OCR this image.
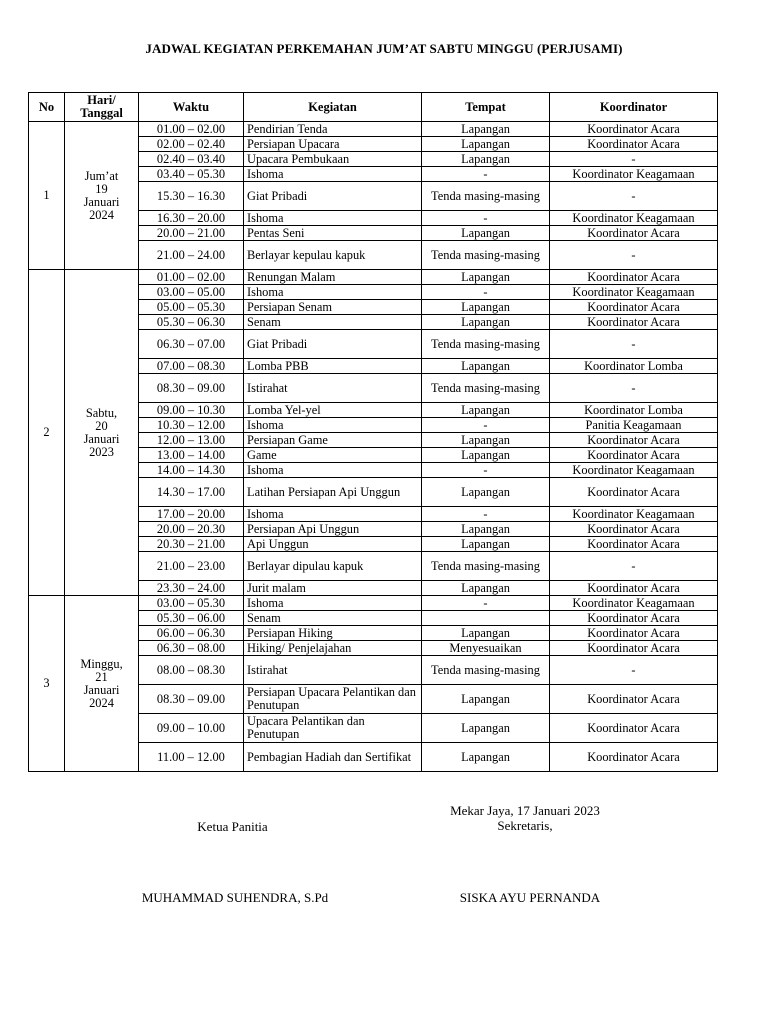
JADWAL KEGIATAN PERKEMAHAN JUM’AT SABTU MINGGU (PERJUSAMI)
No	Hari/ Tanggal	Waktu	Kegiatan	Tempat	Koordinator
1	Jum’at
19
Januari
2024	01.00 – 02.00	Pendirian Tenda	Lapangan	Koordinator Acara
		02.00 – 02.40	Persiapan Upacara	Lapangan	Koordinator Acara
		02.40 – 03.40	Upacara Pembukaan	Lapangan	-
		03.40 – 05.30	Ishoma	-	Koordinator Keagamaan
		15.30 – 16.30	Giat Pribadi	Tenda masing-masing	-
		16.30 – 20.00	Ishoma	-	Koordinator Keagamaan
		20.00 – 21.00	Pentas Seni	Lapangan	Koordinator Acara
		21.00 – 24.00	Berlayar kepulau kapuk	Tenda masing-masing	-
2	Sabtu,
20
Januari
2023	01.00 – 02.00	Renungan Malam	Lapangan	Koordinator Acara
		03.00 – 05.00	Ishoma	-	Koordinator Keagamaan
		05.00 – 05.30	Persiapan Senam	Lapangan	Koordinator Acara
		05.30 – 06.30	Senam	Lapangan	Koordinator Acara
		06.30 – 07.00	Giat Pribadi	Tenda masing-masing	-
		07.00 – 08.30	Lomba PBB	Lapangan	Koordinator Lomba
		08.30 – 09.00	Istirahat	Tenda masing-masing	-
		09.00 – 10.30	Lomba Yel-yel	Lapangan	Koordinator Lomba
		10.30 – 12.00	Ishoma	-	Panitia Keagamaan
		12.00 – 13.00	Persiapan Game	Lapangan	Koordinator Acara
		13.00 – 14.00	Game	Lapangan	Koordinator Acara
		14.00 – 14.30	Ishoma	-	Koordinator Keagamaan
		14.30 – 17.00	Latihan Persiapan Api Unggun	Lapangan	Koordinator Acara
		17.00 – 20.00	Ishoma	-	Koordinator Keagamaan
		20.00 – 20.30	Persiapan Api Unggun	Lapangan	Koordinator Acara
		20.30 – 21.00	Api Unggun	Lapangan	Koordinator Acara
		21.00 – 23.00	Berlayar dipulau kapuk	Tenda masing-masing	-
		23.30 – 24.00	Jurit malam	Lapangan	Koordinator Acara
3	Minggu,
21
Januari
2024	03.00 – 05.30	Ishoma	-	Koordinator Keagamaan
		05.30 – 06.00	Senam		Koordinator Acara
		06.00 – 06.30	Persiapan Hiking	Lapangan	Koordinator Acara
		06.30 – 08.00	Hiking/ Penjelajahan	Menyesuaikan	Koordinator Acara
		08.00 – 08.30	Istirahat	Tenda masing-masing	-
		08.30 – 09.00	Persiapan Upacara Pelantikan dan Penutupan	Lapangan	Koordinator Acara
		09.00 – 10.00	Upacara Pelantikan dan Penutupan	Lapangan	Koordinator Acara
		11.00 – 12.00	Pembagian Hadiah dan Sertifikat	Lapangan	Koordinator Acara
Ketua Panitia
Mekar Jaya, 17 Januari 2023
Sekretaris,
MUHAMMAD SUHENDRA, S.Pd	SISKA AYU PERNANDA
